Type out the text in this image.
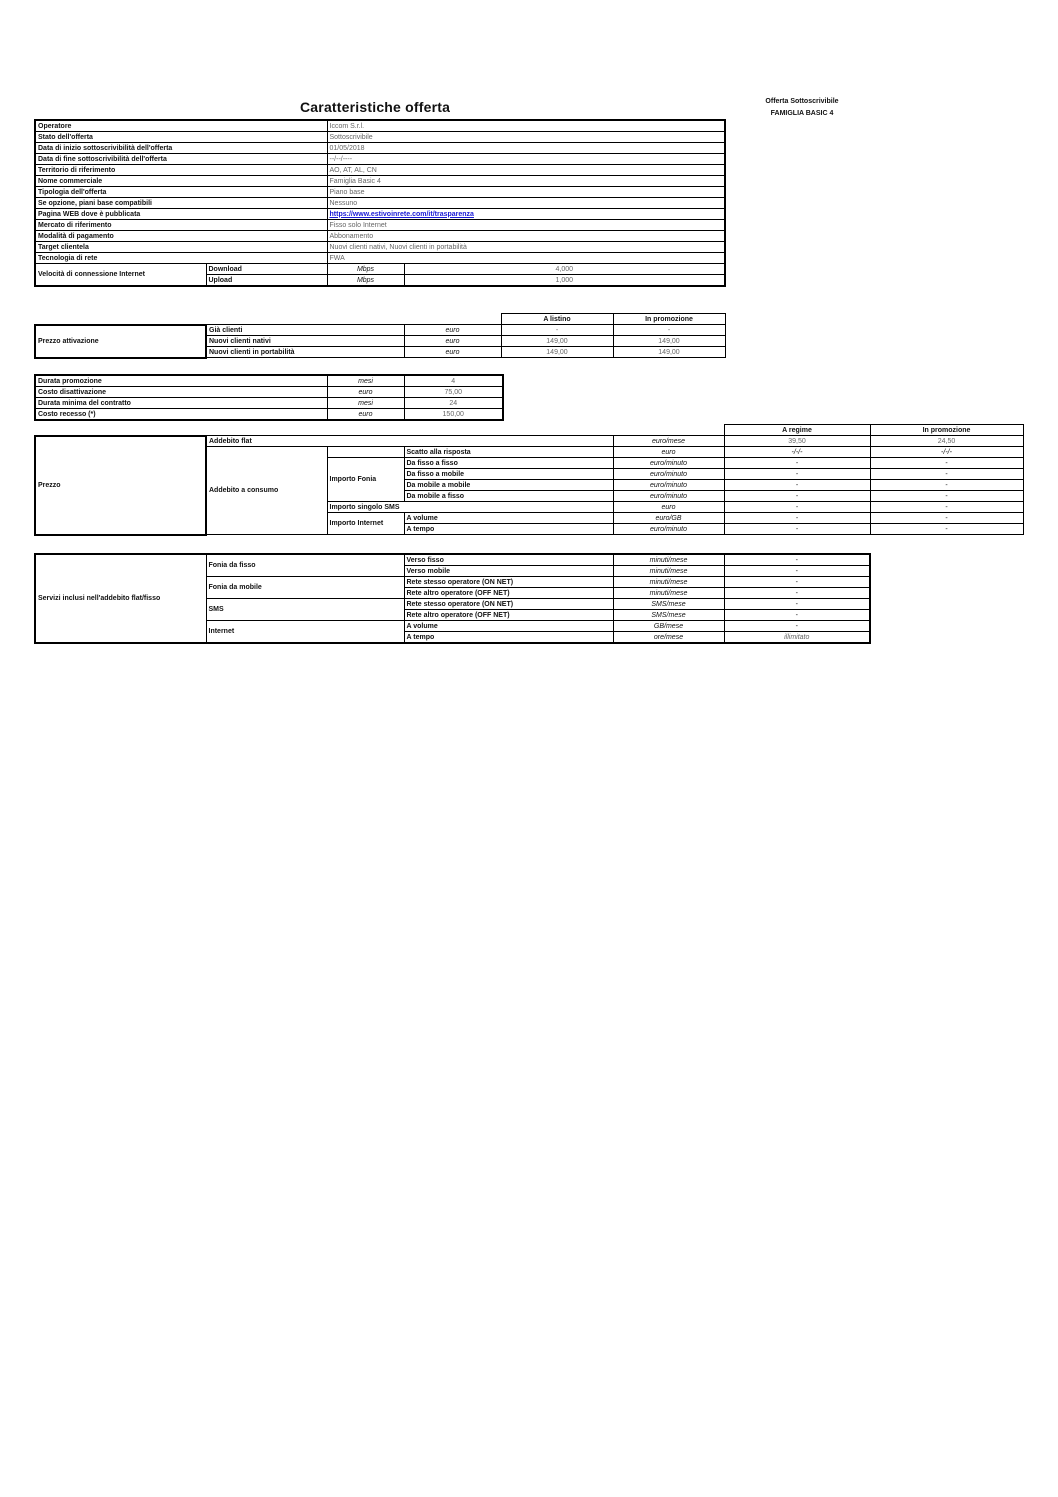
Caratteristiche offerta	Offerta Sottoscrivibile
FAMIGLIA BASIC 4
Operatore		Iccom S.r.l.	
Stato dell'offerta		Sottoscrivibile	
Data di inizio sottoscrivibilità dell'offerta		01/05/2018	
Data di fine sottoscrivibilità dell'offerta		--/--/----	
Territorio di riferimento		AO, AT, AL, CN	
Nome commerciale		Famiglia Basic 4	
Tipologia dell'offerta		Piano base	
Se opzione, piani base compatibili		Nessuno	
Pagina WEB dove è pubblicata		https://www.estivoinrete.com/it/trasparenza	
Mercato di riferimento		Fisso solo Internet	
Modalità di pagamento		Abbonamento	
Target clientela		Nuovi clienti nativi, Nuovi clienti in portabilità	
Tecnologia di rete		FWA	
Velocità di connessione Internet	Download	Mbps	4,000
	Upload	Mbps	1,000
			A listino	In promozione
Prezzo attivazione	Già clienti	euro	-	-
	Nuovi clienti nativi	euro	149,00	149,00
	Nuovi clienti in portabilità	euro	149,00	149,00
Durata promozione	mesi	4
Costo disattivazione	euro	75,00
Durata minima del contratto	mesi	24
Costo recesso (*)	euro	150,00
					A regime	In promozione
Prezzo	Addebito flat			euro/mese	39,50	24,50
	Addebito a consumo		Scatto alla risposta	euro	-/-/-	-/-/-
		Importo Fonia	Da fisso a fisso	euro/minuto	-	-
			Da fisso a mobile	euro/minuto	-	-
			Da mobile a mobile	euro/minuto	-	-
			Da mobile a fisso	euro/minuto	-	-
		Importo singolo SMS		euro	-	-
		Importo Internet	A volume	euro/GB	-	-
			A tempo	euro/minuto	-	-
Servizi inclusi nell'addebito flat/fisso	Fonia da fisso	Verso fisso	minuti/mese	-
		Verso mobile	minuti/mese	-
	Fonia da mobile	Rete stesso operatore (ON NET)	minuti/mese	-
		Rete altro operatore (OFF NET)	minuti/mese	-
	SMS	Rete stesso operatore (ON NET)	SMS/mese	-
		Rete altro operatore (OFF NET)	SMS/mese	-
	Internet	A volume	GB/mese	-
		A tempo	ore/mese	illimitato
